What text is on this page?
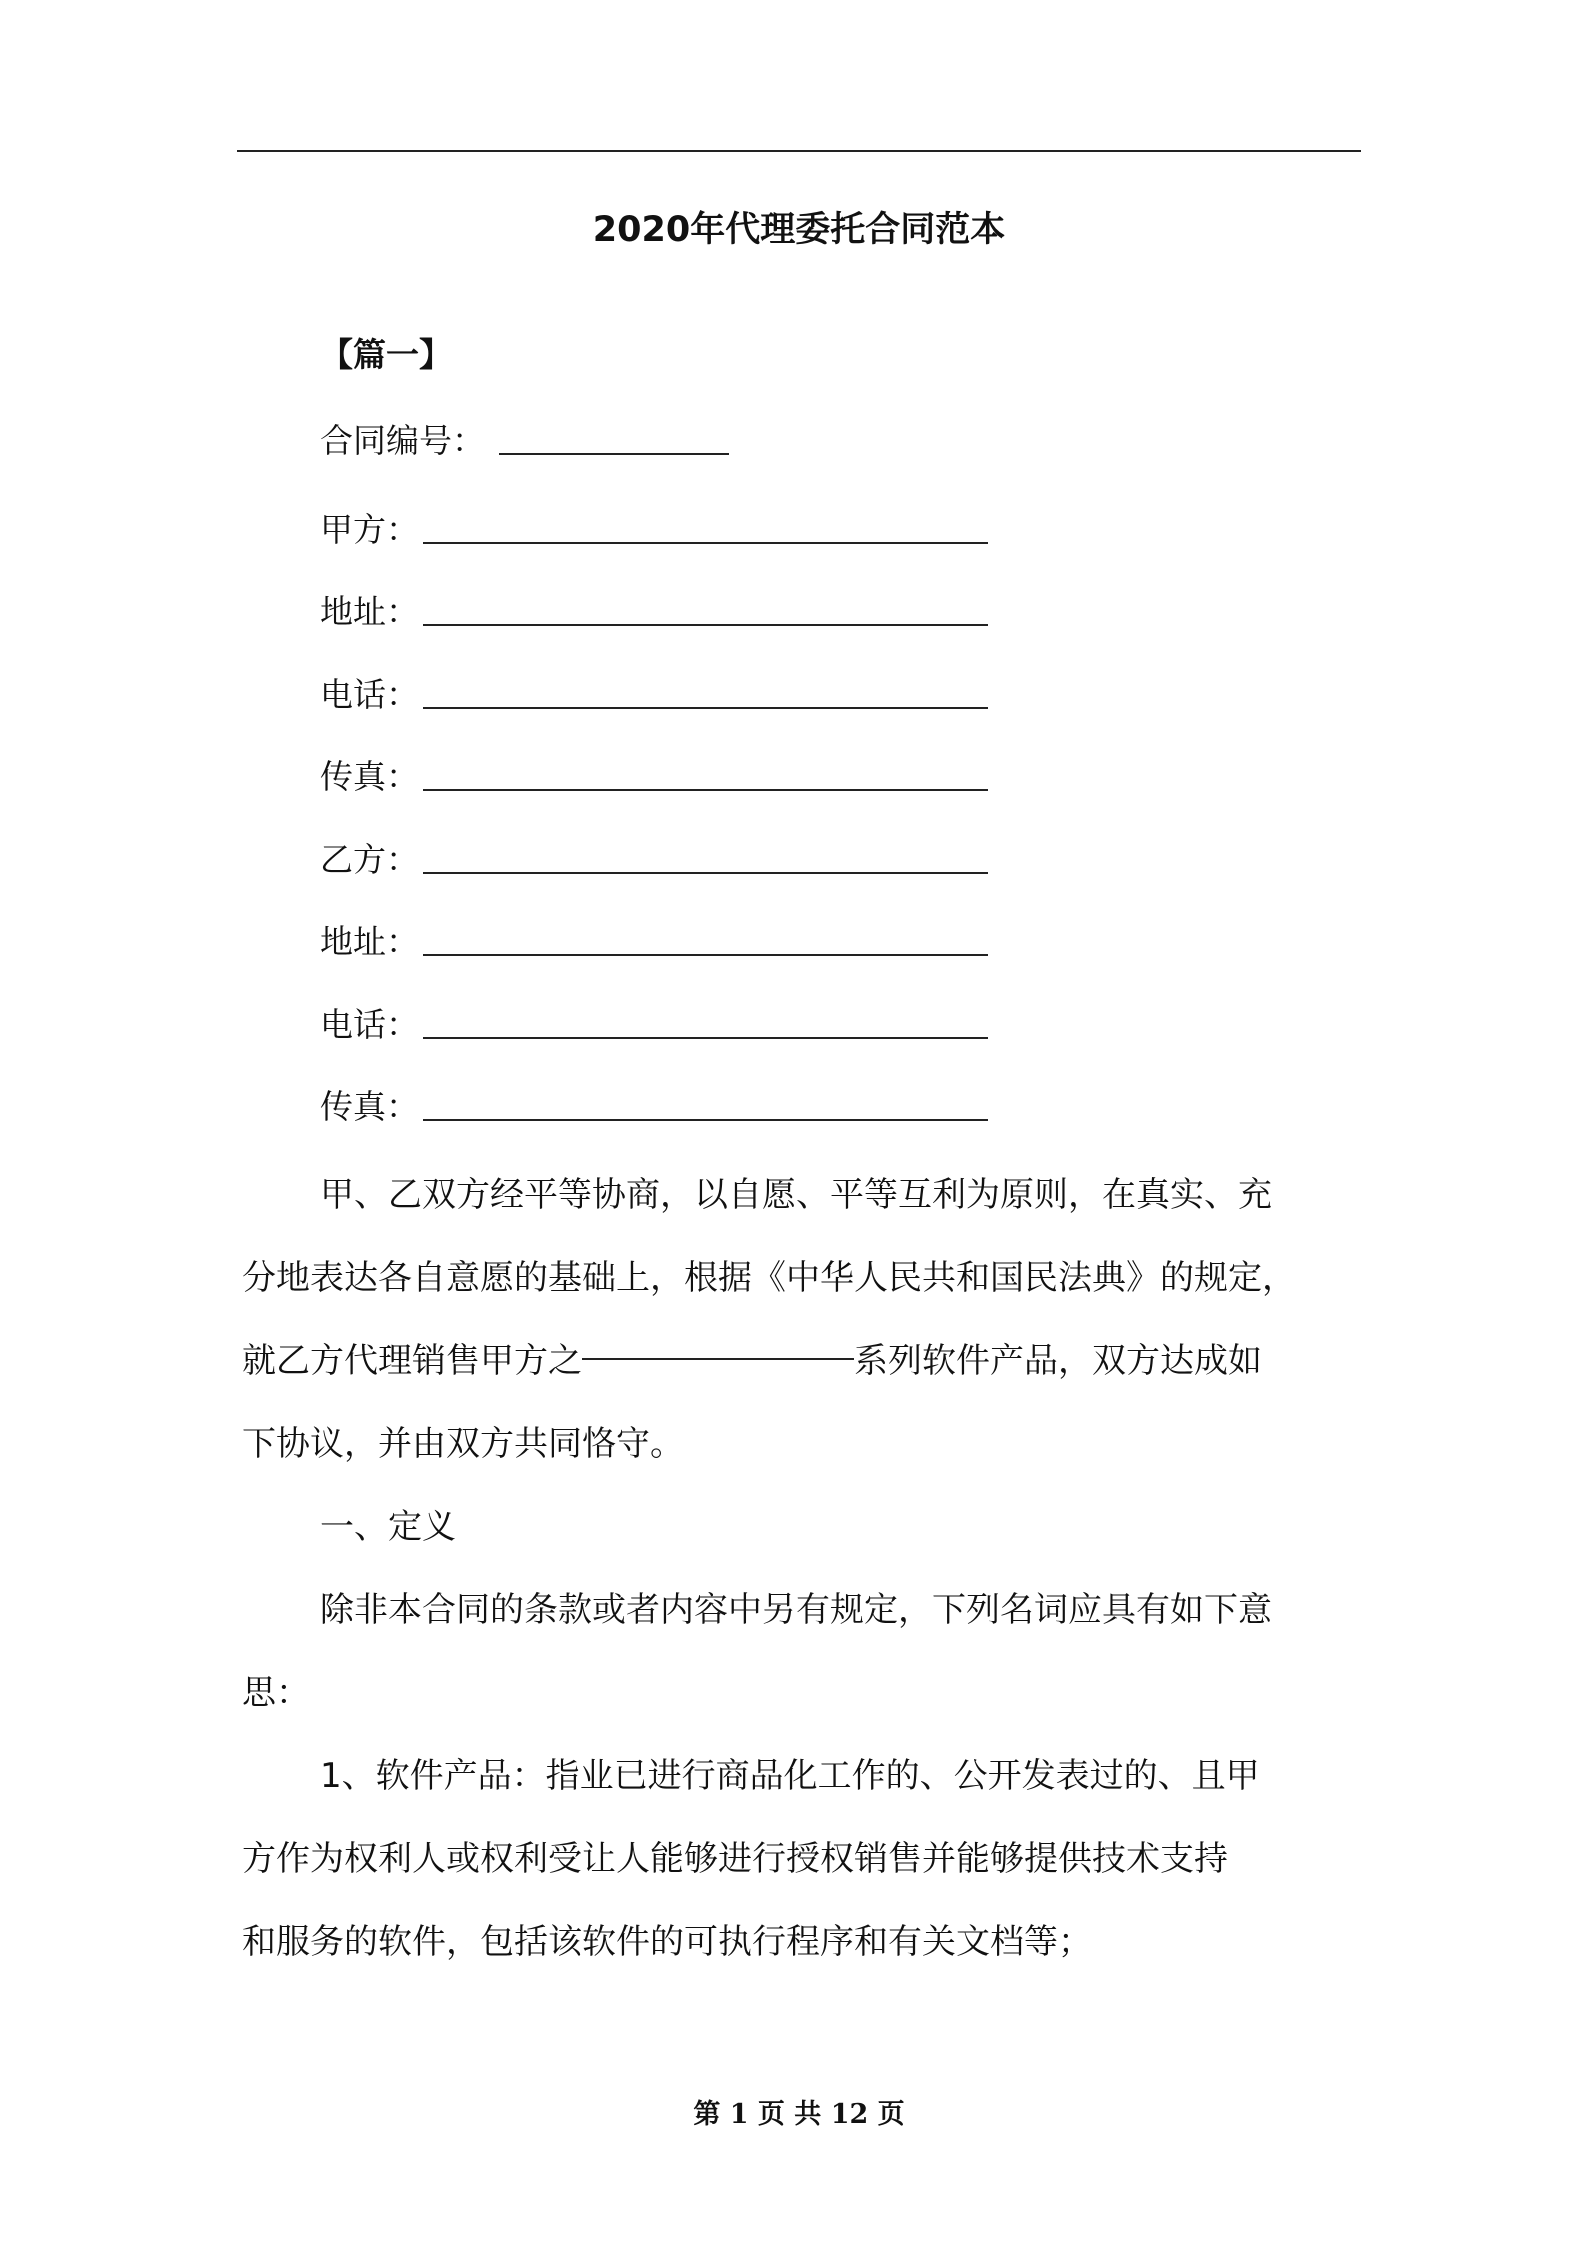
2020年代理委托合同范本
【篇一】
合同编号：
甲方：
地址：
电话：
传真：
乙方：
地址：
电话：
传真：
甲、乙双方经平等协商，以自愿、平等互利为原则，在真实、充
分地表达各自意愿的基础上，根据《中华人民共和国民法典》的规定，
就乙方代理销售甲方之	系列软件产品，双方达成如
下协议，并由双方共同恪守。
一、定义
除非本合同的条款或者内容中另有规定，下列名词应具有如下意
思：
1、软件产品：指业已进行商品化工作的、公开发表过的、且甲
方作为权利人或权利受让人能够进行授权销售并能够提供技术支持
和服务的软件，包括该软件的可执行程序和有关文档等；
第 1 页 共 12 页
